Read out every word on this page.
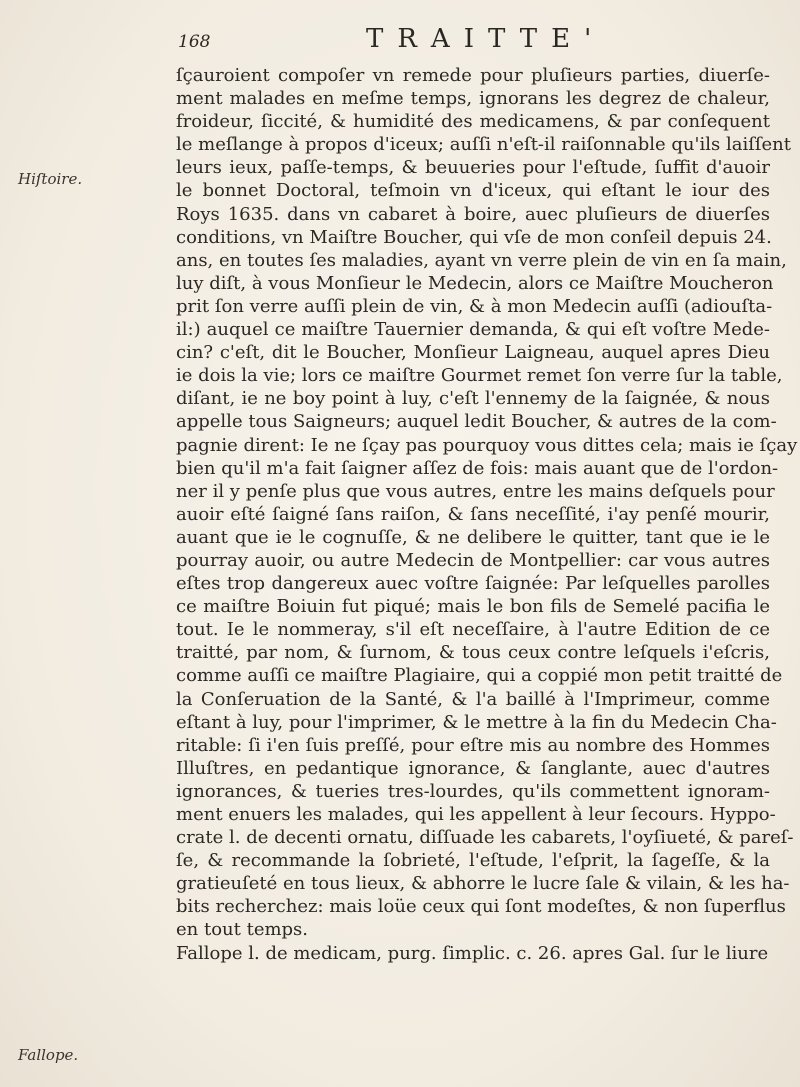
168	TRAITTE'
Hiſtoire.
Fallope.
ſçauroient compoſer vn remede pour pluſieurs parties, diuerſe-
ment malades en meſme temps, ignorans les degrez de chaleur,
froideur, ſiccité, & humidité des medicamens, & par conſequent
le meſlange à propos d'iceux; auſſi n'eſt-il raiſonnable qu'ils laiſſent
leurs ieux, paſſe-temps, & beuueries pour l'eſtude, ſuffit d'auoir
le bonnet Doctoral, teſmoin vn d'iceux, qui eſtant le iour des
Roys 1635. dans vn cabaret à boire, auec pluſieurs de diuerſes
conditions, vn Maiſtre Boucher, qui vſe de mon conſeil depuis 24.
ans, en toutes ſes maladies, ayant vn verre plein de vin en ſa main,
luy diſt, à vous Monſieur le Medecin, alors ce Maiſtre Moucheron
prit ſon verre auſſi plein de vin, & à mon Medecin auſſi (adiouſta-
il:) auquel ce maiſtre Tauernier demanda, & qui eſt voſtre Mede-
cin? c'eſt, dit le Boucher, Monſieur Laigneau, auquel apres Dieu
ie dois la vie; lors ce maiſtre Gourmet remet ſon verre ſur la table,
diſant, ie ne boy point à luy, c'eſt l'ennemy de la ſaignée, & nous
appelle tous Saigneurs; auquel ledit Boucher, & autres de la com-
pagnie dirent: Ie ne ſçay pas pourquoy vous dittes cela; mais ie ſçay
bien qu'il m'a fait ſaigner aſſez de fois: mais auant que de l'ordon-
ner il y penſe plus que vous autres, entre les mains deſquels pour
auoir eſté ſaigné ſans raiſon, & ſans neceſſité, i'ay penſé mourir,
auant que ie le cognuſſe, & ne delibere le quitter, tant que ie le
pourray auoir, ou autre Medecin de Montpellier: car vous autres
eſtes trop dangereux auec voſtre ſaignée: Par leſquelles parolles
ce maiſtre Boiuin fut piqué; mais le bon fils de Semelé pacifia le
tout. Ie le nommeray, s'il eſt neceſſaire, à l'autre Edition de ce
traitté, par nom, & ſurnom, & tous ceux contre leſquels i'eſcris,
comme auſſi ce maiſtre Plagiaire, qui a coppié mon petit traitté de
la Conſeruation de la Santé, & l'a baillé à l'Imprimeur, comme
eſtant à luy, pour l'imprimer, & le mettre à la fin du Medecin Cha-
ritable: ſi i'en ſuis preſſé, pour eſtre mis au nombre des Hommes
Illuſtres, en pedantique ignorance, & ſanglante, auec d'autres
ignorances, & tueries tres-lourdes, qu'ils commettent ignoram-
ment enuers les malades, qui les appellent à leur ſecours. Hyppo-
crate l. de decenti ornatu, diſſuade les cabarets, l'oyſiueté, & pareſ-
ſe, & recommande la ſobrieté, l'eſtude, l'eſprit, la ſageſſe, & la
gratieuſeté en tous lieux, & abhorre le lucre ſale & vilain, & les ha-
bits recherchez: mais loüe ceux qui ſont modeſtes, & non ſuperflus
en tout temps.
Fallope l. de medicam, purg. ſimplic. c. 26. apres Gal. ſur le liure
